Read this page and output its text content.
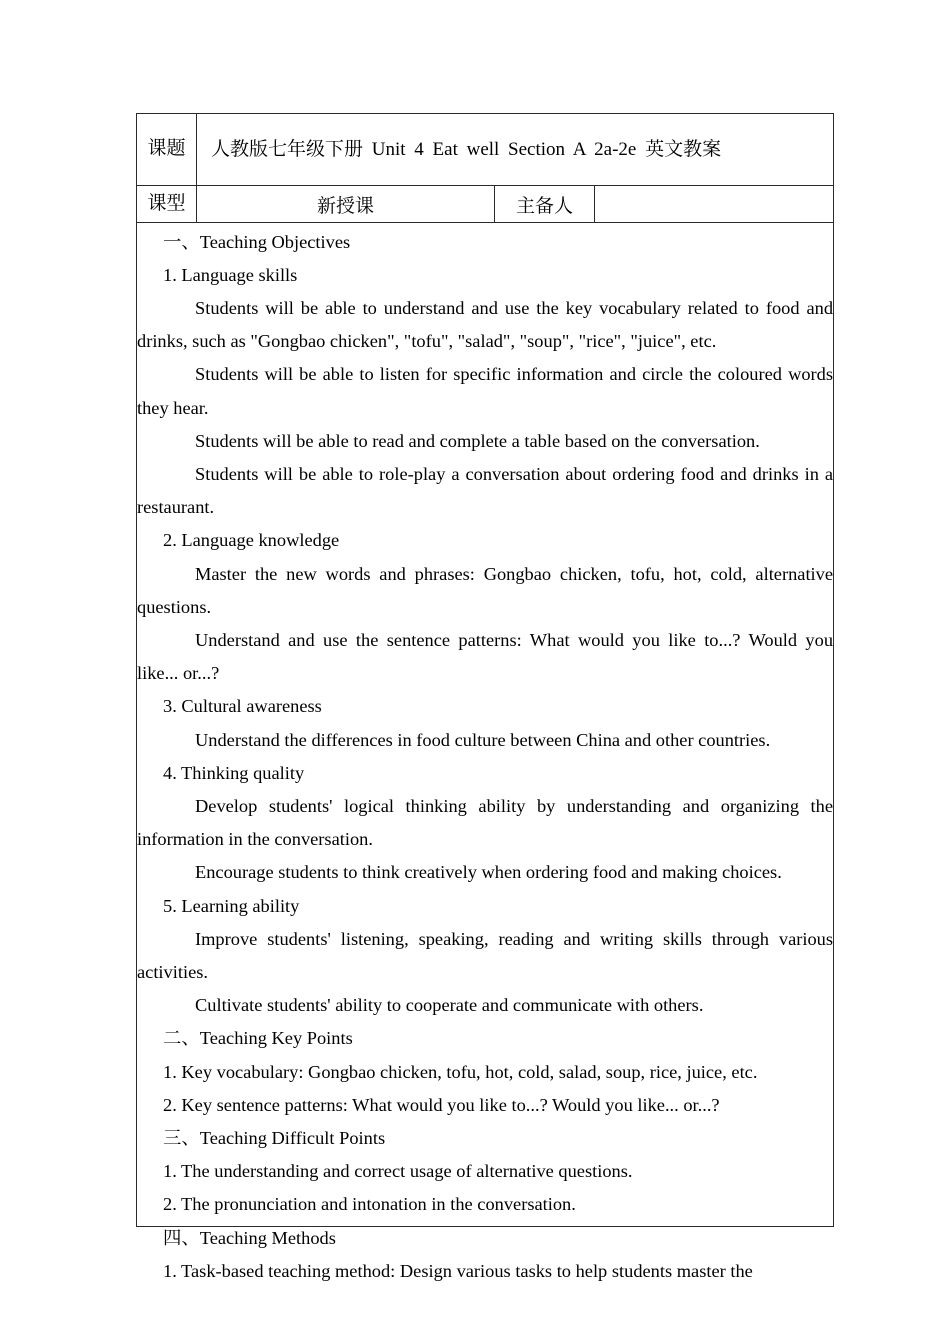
课题	人教版七年级下册 Unit 4 Eat well Section A 2a-2e 英文教案		

课型	新授课	主备人	

一、Teaching Objectives

1. Language skills

Students will be able to understand and use the key vocabulary related to food and drinks, such as "Gongbao chicken", "tofu", "salad", "soup", "rice", "juice", etc.

Students will be able to listen for specific information and circle the coloured words they hear.

Students will be able to read and complete a table based on the conversation.

Students will be able to role-play a conversation about ordering food and drinks in a restaurant.

2. Language knowledge

Master the new words and phrases: Gongbao chicken, tofu, hot, cold, alternative questions.

Understand and use the sentence patterns: What would you like to...? Would you like... or...?

3. Cultural awareness

Understand the differences in food culture between China and other countries.

4. Thinking quality

Develop students' logical thinking ability by understanding and organizing the information in the conversation.

Encourage students to think creatively when ordering food and making choices.

5. Learning ability

Improve students' listening, speaking, reading and writing skills through various activities.

Cultivate students' ability to cooperate and communicate with others.

二、Teaching Key Points

1. Key vocabulary: Gongbao chicken, tofu, hot, cold, salad, soup, rice, juice, etc.

2. Key sentence patterns: What would you like to...? Would you like... or...?

三、Teaching Difficult Points

1. The understanding and correct usage of alternative questions.

2. The pronunciation and intonation in the conversation.

四、Teaching Methods

1. Task-based teaching method: Design various tasks to help students master the
